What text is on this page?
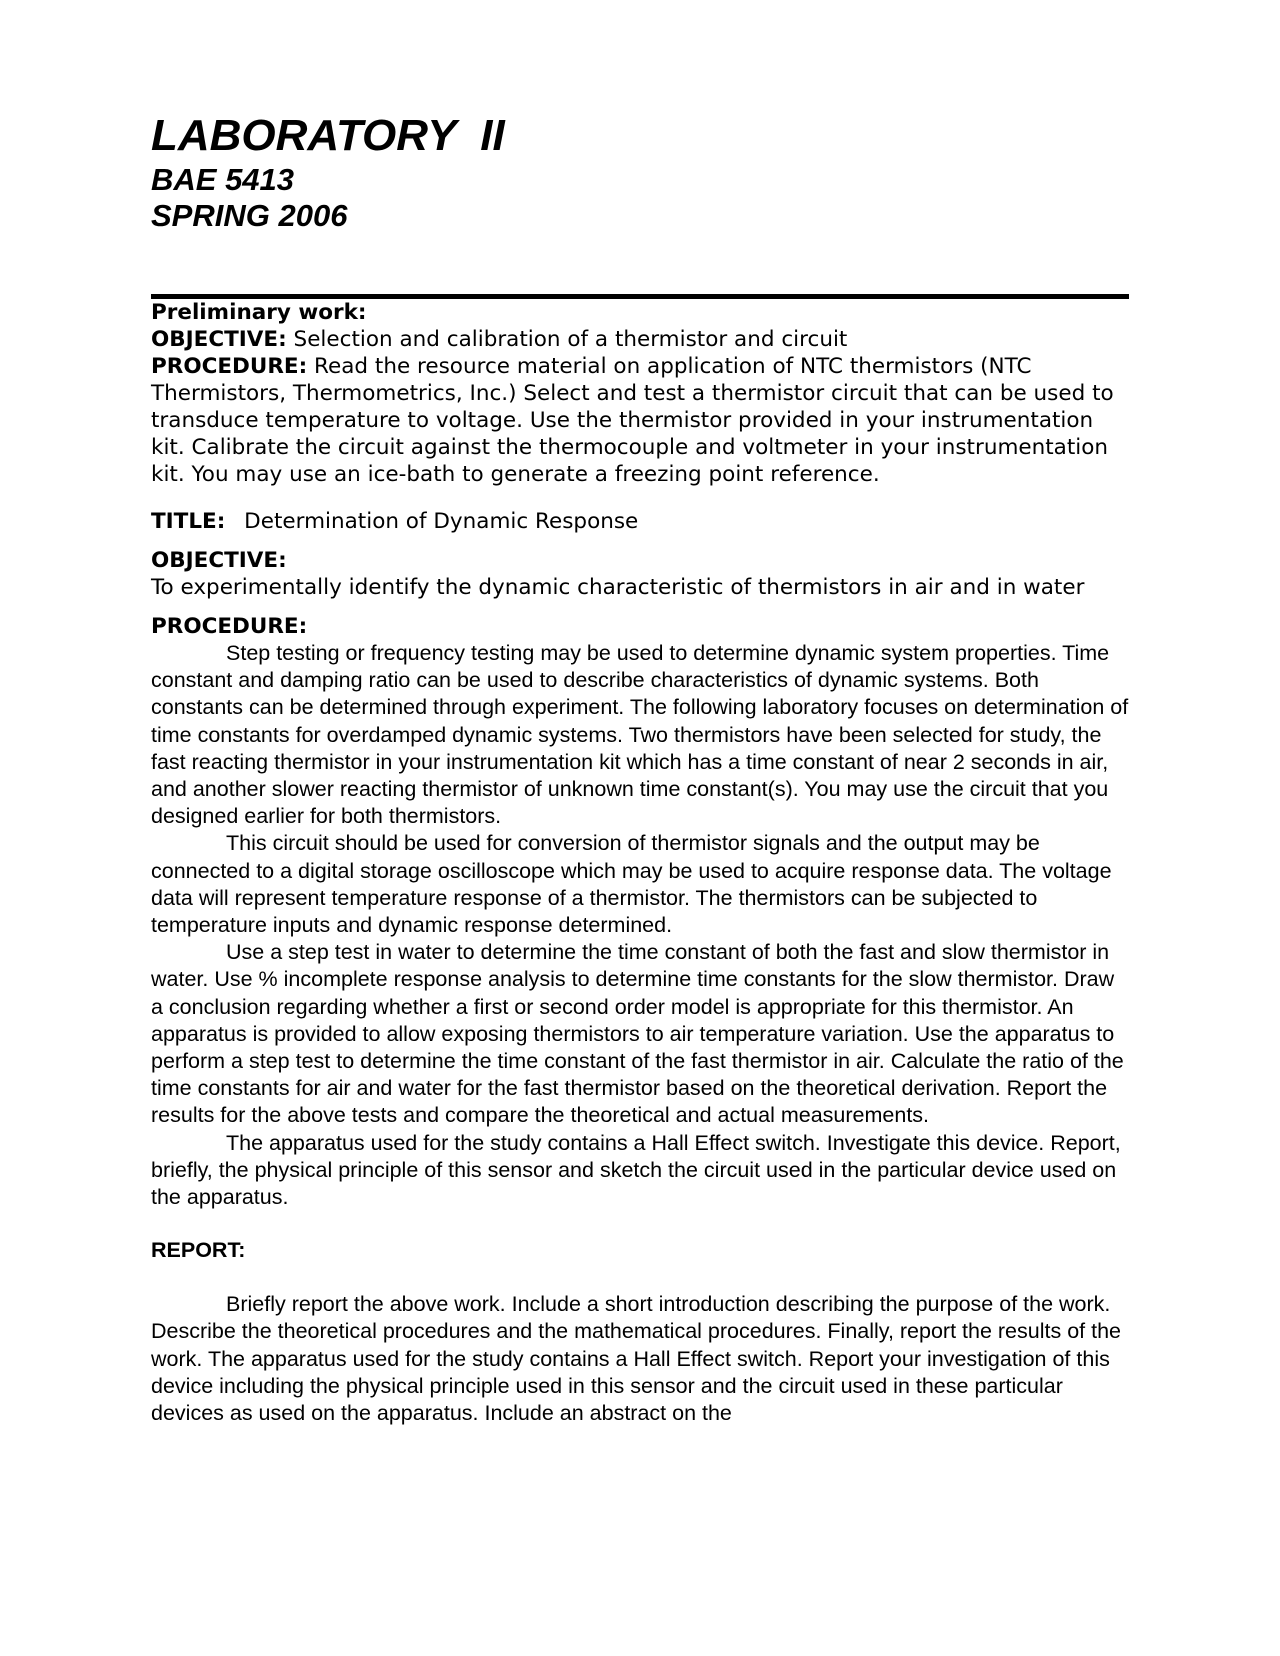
LABORATORY  II
BAE 5413
SPRING 2006

Preliminary work:

OBJECTIVE: Selection and calibration of a thermistor and circuit

PROCEDURE: Read the resource material on application of NTC thermistors (NTC Thermistors, Thermometrics, Inc.) Select and test a thermistor circuit that can be used to transduce temperature to voltage. Use the thermistor provided in your instrumentation kit. Calibrate the circuit against the thermocouple and voltmeter in your instrumentation kit. You may use an ice-bath to generate a freezing point reference.

TITLE: Determination of Dynamic Response

OBJECTIVE:

To experimentally identify the dynamic characteristic of thermistors in air and in water

PROCEDURE:

Step testing or frequency testing may be used to determine dynamic system properties. Time constant and damping ratio can be used to describe characteristics of dynamic systems. Both constants can be determined through experiment. The following laboratory focuses on determination of time constants for overdamped dynamic systems. Two thermistors have been selected for study, the fast reacting thermistor in your instrumentation kit which has a time constant of near 2 seconds in air, and another slower reacting thermistor of unknown time constant(s). You may use the circuit that you designed earlier for both thermistors.

This circuit should be used for conversion of thermistor signals and the output may be connected to a digital storage oscilloscope which may be used to acquire response data. The voltage data will represent temperature response of a thermistor. The thermistors can be subjected to temperature inputs and dynamic response determined.

Use a step test in water to determine the time constant of both the fast and slow thermistor in water. Use % incomplete response analysis to determine time constants for the slow thermistor. Draw a conclusion regarding whether a first or second order model is appropriate for this thermistor. An apparatus is provided to allow exposing thermistors to air temperature variation. Use the apparatus to perform a step test to determine the time constant of the fast thermistor in air. Calculate the ratio of the time constants for air and water for the fast thermistor based on the theoretical derivation. Report the results for the above tests and compare the theoretical and actual measurements.

The apparatus used for the study contains a Hall Effect switch. Investigate this device. Report, briefly, the physical principle of this sensor and sketch the circuit used in the particular device used on the apparatus.

REPORT:

Briefly report the above work. Include a short introduction describing the purpose of the work. Describe the theoretical procedures and the mathematical procedures. Finally, report the results of the work. The apparatus used for the study contains a Hall Effect switch. Report your investigation of this device including the physical principle used in this sensor and the circuit used in these particular devices as used on the apparatus. Include an abstract on the
